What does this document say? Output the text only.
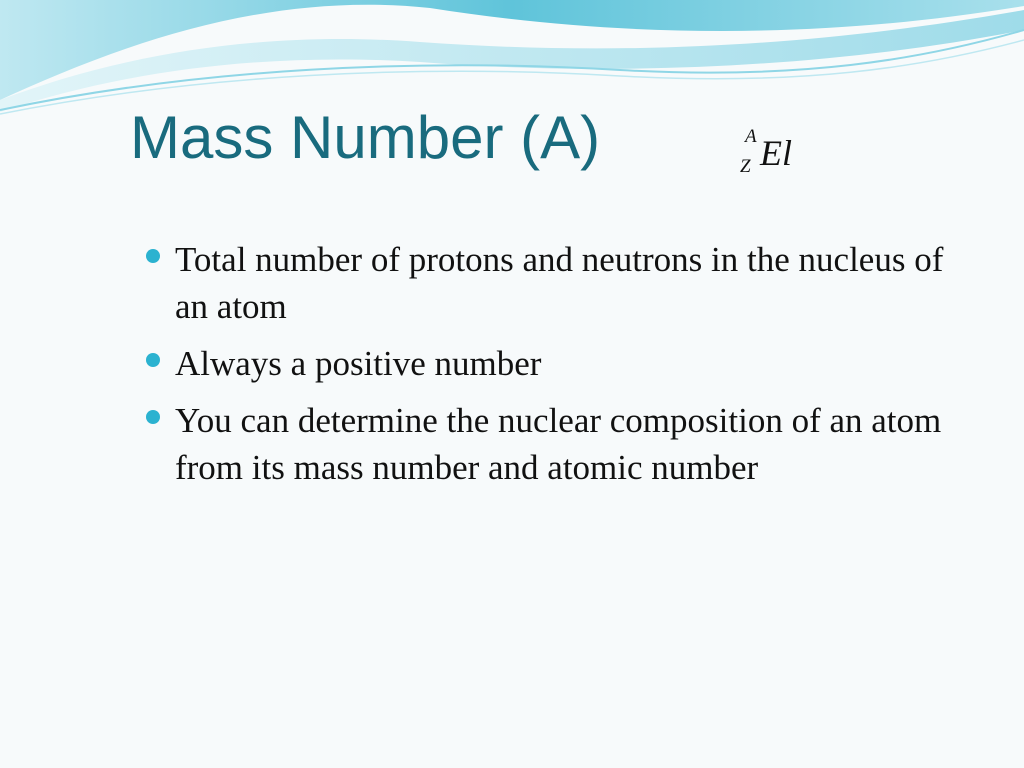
Mass Number (A)	A
Z El
Total number of protons and neutrons in the nucleus of an atom
Always a positive number
You can determine the nuclear composition of an atom from its mass number and atomic number
